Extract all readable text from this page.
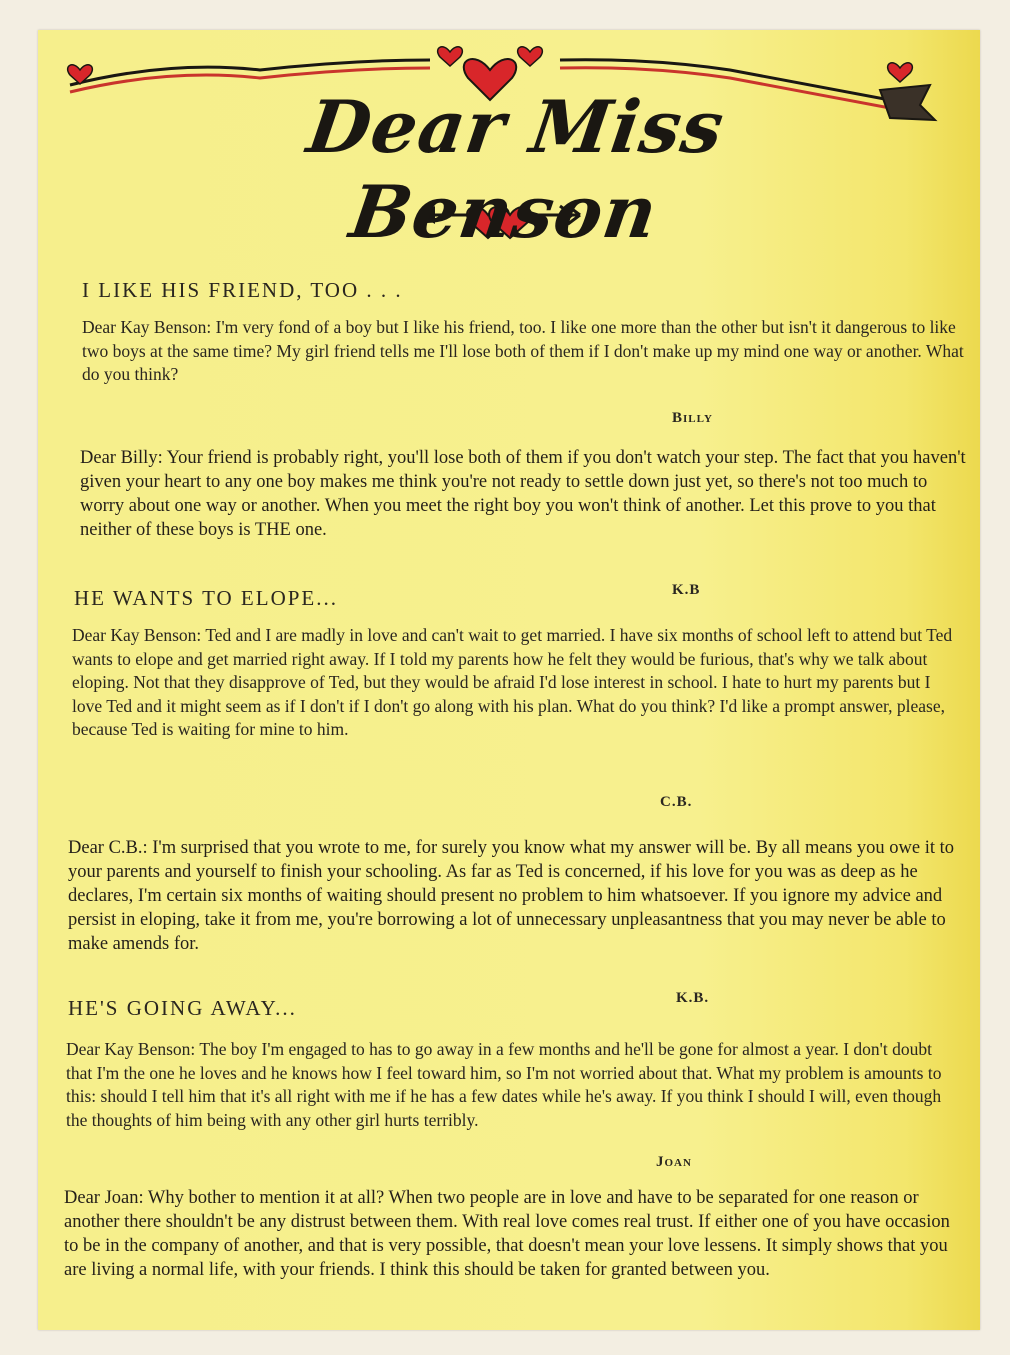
Dear Miss Benson
I LIKE HIS FRIEND, TOO . . .
Dear Kay Benson: I'm very fond of a boy but I like his friend, too. I like one more than the other but isn't it dangerous to like two boys at the same time? My girl friend tells me I'll lose both of them if I don't make up my mind one way or another. What do you think?
Billy
Dear Billy: Your friend is probably right, you'll lose both of them if you don't watch your step. The fact that you haven't given your heart to any one boy makes me think you're not ready to settle down just yet, so there's not too much to worry about one way or another. When you meet the right boy you won't think of another. Let this prove to you that neither of these boys is THE one.
K.B
HE WANTS TO ELOPE...
Dear Kay Benson: Ted and I are madly in love and can't wait to get married. I have six months of school left to attend but Ted wants to elope and get married right away. If I told my parents how he felt they would be furious, that's why we talk about eloping. Not that they disapprove of Ted, but they would be afraid I'd lose interest in school. I hate to hurt my parents but I love Ted and it might seem as if I don't if I don't go along with his plan. What do you think? I'd like a prompt answer, please, because Ted is waiting for mine to him.
C.B.
Dear C.B.: I'm surprised that you wrote to me, for surely you know what my answer will be. By all means you owe it to your parents and yourself to finish your schooling. As far as Ted is concerned, if his love for you was as deep as he declares, I'm certain six months of waiting should present no problem to him whatsoever. If you ignore my advice and persist in eloping, take it from me, you're borrowing a lot of unnecessary unpleasantness that you may never be able to make amends for.
K.B.
HE'S GOING AWAY...
Dear Kay Benson: The boy I'm engaged to has to go away in a few months and he'll be gone for almost a year. I don't doubt that I'm the one he loves and he knows how I feel toward him, so I'm not worried about that. What my problem is amounts to this: should I tell him that it's all right with me if he has a few dates while he's away. If you think I should I will, even though the thoughts of him being with any other girl hurts terribly.
Joan
Dear Joan: Why bother to mention it at all? When two people are in love and have to be separated for one reason or another there shouldn't be any distrust between them. With real love comes real trust. If either one of you have occasion to be in the company of another, and that is very possible, that doesn't mean your love lessens. It simply shows that you are living a normal life, with your friends. I think this should be taken for granted between you.
